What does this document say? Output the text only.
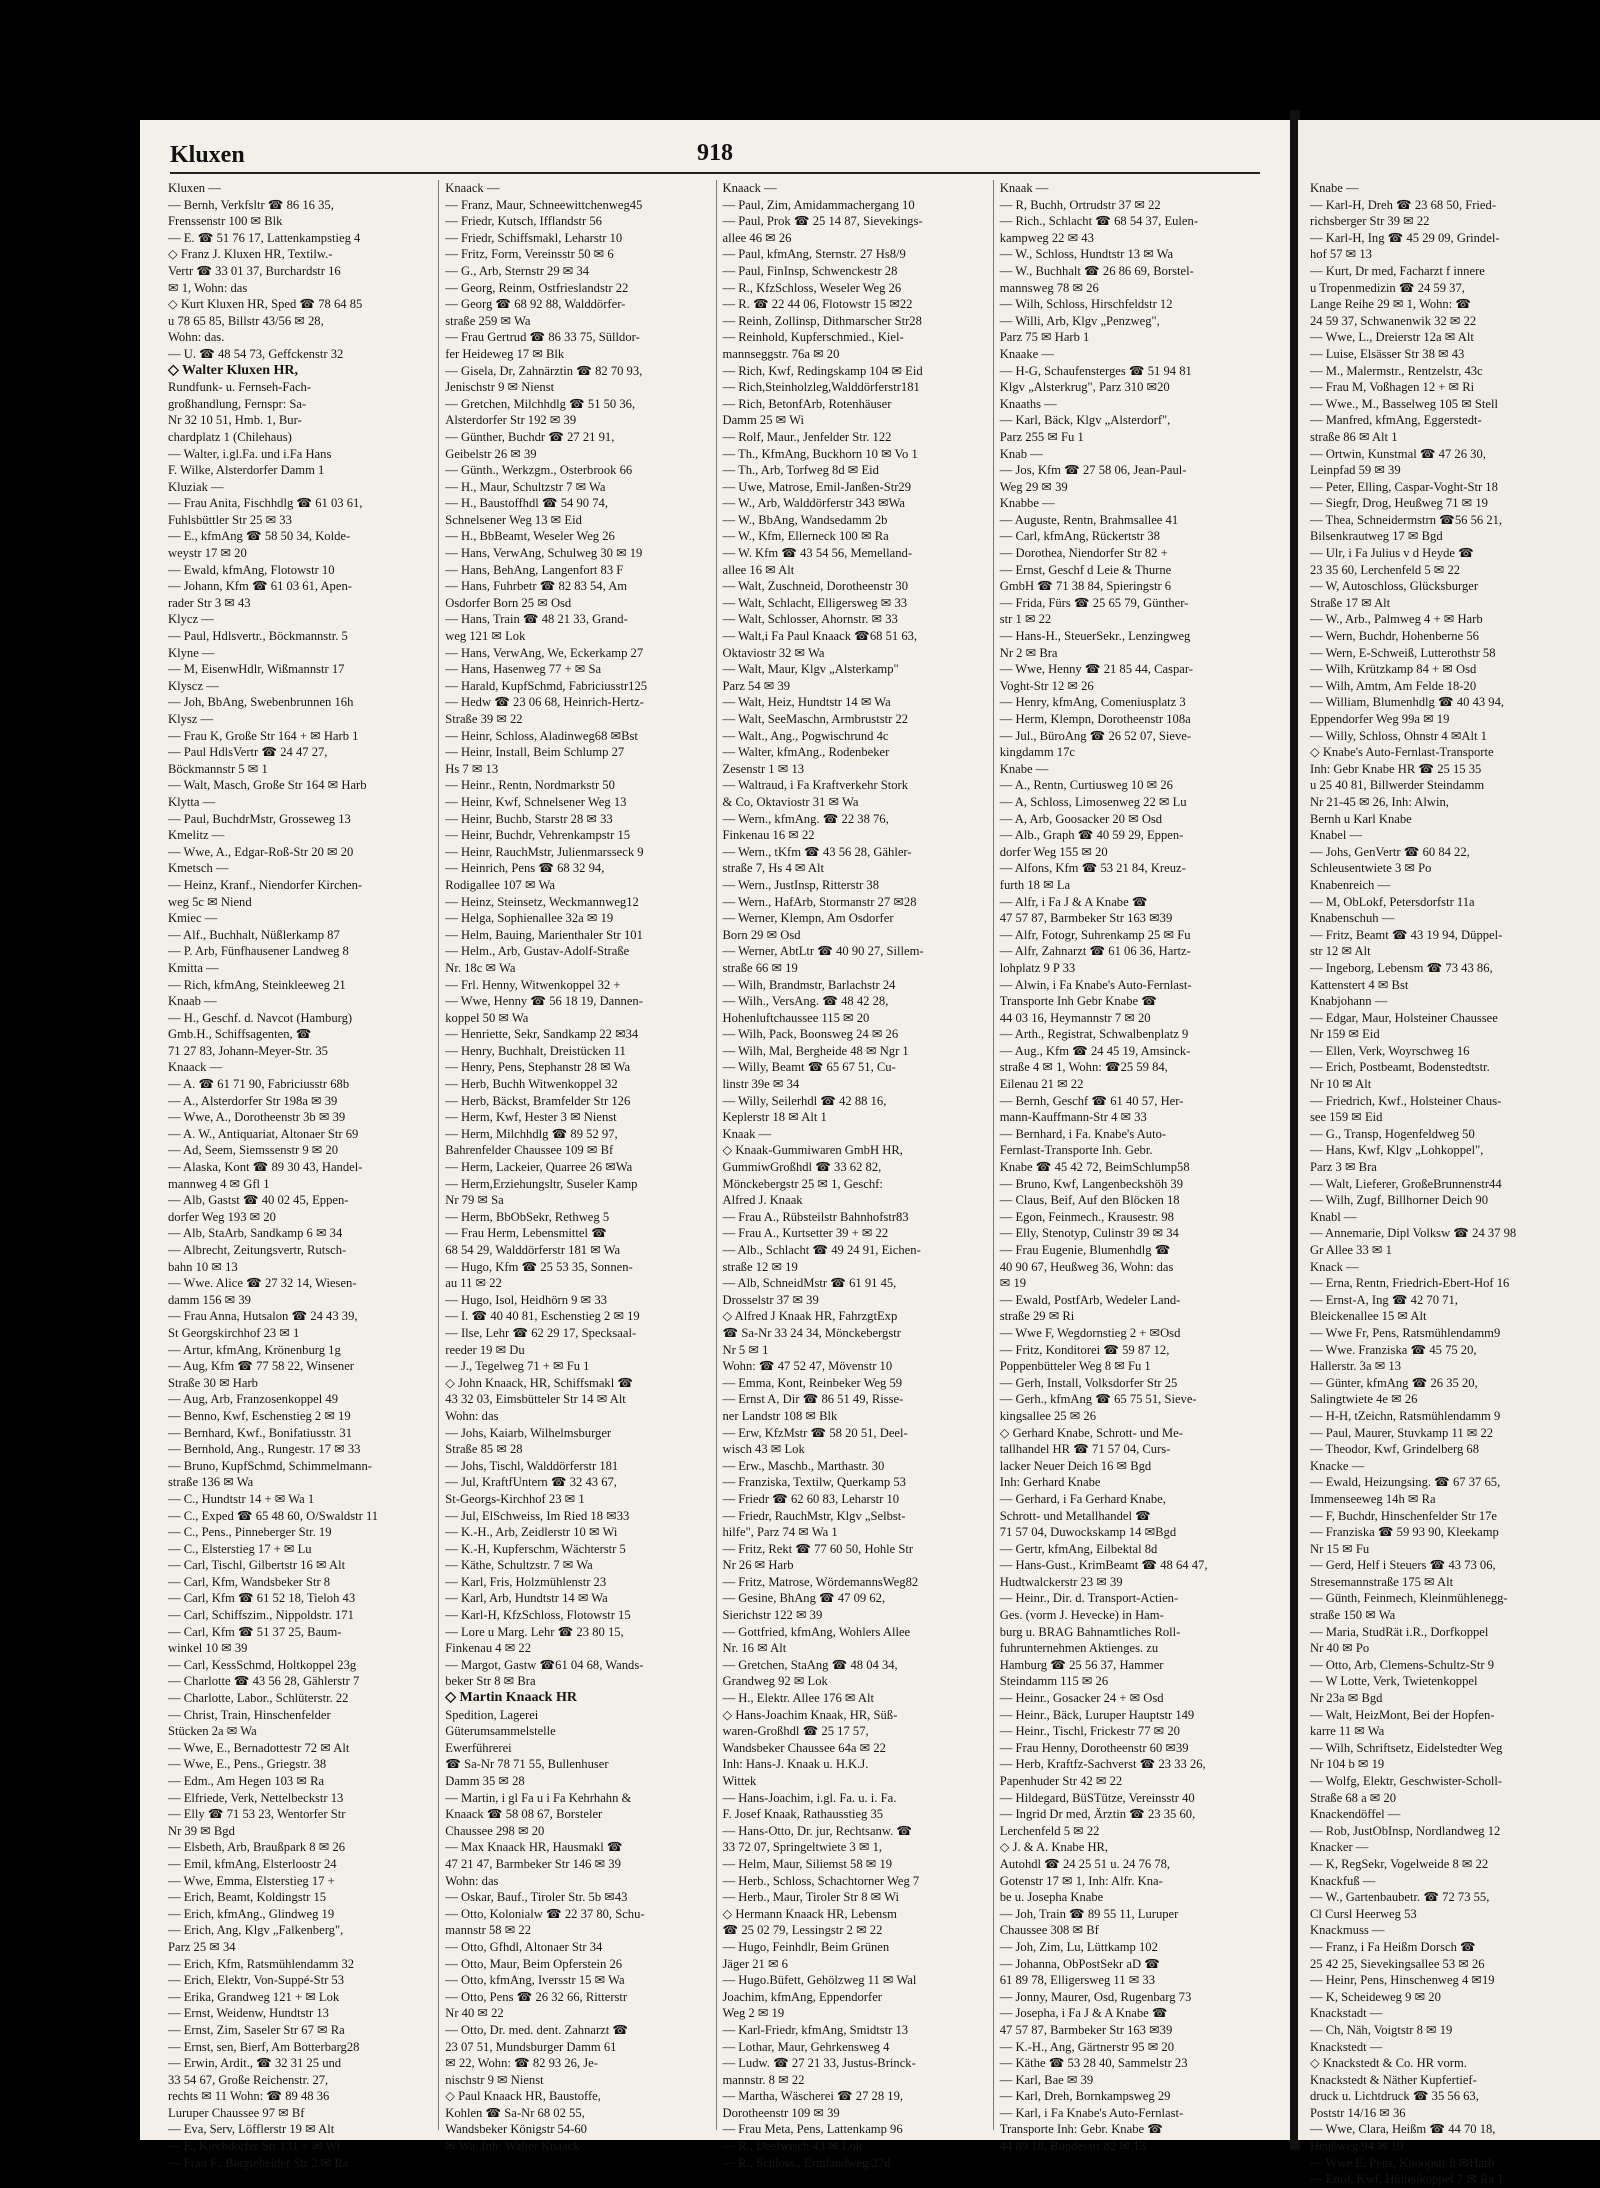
Kluxen	918
Kluxen —
— Bernh, Verkfsltr ☎ 86 16 35,
Frenssenstr 100 ✉ Blk
— E. ☎ 51 76 17, Lattenkampstieg 4
◇ Franz J. Kluxen HR, Textilw.-
Vertr ☎ 33 01 37, Burchardstr 16
✉ 1, Wohn: das
◇ Kurt Kluxen HR, Sped ☎ 78 64 85
u 78 65 85, Billstr 43/56 ✉ 28,
Wohn: das.
— U. ☎ 48 54 73, Geffckenstr 32
◇ Walter Kluxen HR,
Rundfunk- u. Fernseh-Fach-
großhandlung, Fernspr: Sa-
Nr 32 10 51, Hmb. 1, Bur-
chardplatz 1 (Chilehaus)
— Walter, i.gl.Fa. und i.Fa Hans
F. Wilke, Alsterdorfer Damm 1
Kluziak —
— Frau Anita, Fischhdlg ☎ 61 03 61,
Fuhlsbüttler Str 25 ✉ 33
— E., kfmAng ☎ 58 50 34, Kolde-
weystr 17 ✉ 20
— Ewald, kfmAng, Flotowstr 10
— Johann, Kfm ☎ 61 03 61, Apen-
rader Str 3 ✉ 43
Klycz —
— Paul, Hdlsvertr., Böckmannstr. 5
Klyne —
— M, EisenwHdlr, Wißmannstr 17
Klyscz —
— Joh, BbAng, Swebenbrunnen 16h
Klysz —
— Frau K, Große Str 164 + ✉ Harb 1
— Paul HdlsVertr ☎ 24 47 27,
Böckmannstr 5 ✉ 1
— Walt, Masch, Große Str 164 ✉ Harb
Klytta —
— Paul, BuchdrMstr, Grosseweg 13
Kmelitz —
— Wwe, A., Edgar-Roß-Str 20 ✉ 20
Kmetsch —
— Heinz, Kranf., Niendorfer Kirchen-
weg 5c ✉ Niend
Kmiec —
— Alf., Buchhalt, Nüßlerkamp 87
— P. Arb, Fünfhausener Landweg 8
Kmitta —
— Rich, kfmAng, Steinkleeweg 21
Knaab —
— H., Geschf. d. Navcot (Hamburg)
Gmb.H., Schiffsagenten, ☎
71 27 83, Johann-Meyer-Str. 35
Knaack —
— A. ☎ 61 71 90, Fabriciusstr 68b
— A., Alsterdorfer Str 198a ✉ 39
— Wwe, A., Dorotheenstr 3b ✉ 39
— A. W., Antiquariat, Altonaer Str 69
— Ad, Seem, Siemssenstr 9 ✉ 20
— Alaska, Kont ☎ 89 30 43, Handel-
mannweg 4 ✉ Gfl 1
— Alb, Gastst ☎ 40 02 45, Eppen-
dorfer Weg 193 ✉ 20
— Alb, StaArb, Sandkamp 6 ✉ 34
— Albrecht, Zeitungsvertr, Rutsch-
bahn 10 ✉ 13
— Wwe. Alice ☎ 27 32 14, Wiesen-
damm 156 ✉ 39
— Frau Anna, Hutsalon ☎ 24 43 39,
St Georgskirchhof 23 ✉ 1
— Artur, kfmAng, Krönenburg 1g
— Aug, Kfm ☎ 77 58 22, Winsener
Straße 30 ✉ Harb
— Aug, Arb, Franzosenkoppel 49
— Benno, Kwf, Eschenstieg 2 ✉ 19
— Bernhard, Kwf., Bonifatiusstr. 31
— Bernhold, Ang., Rungestr. 17 ✉ 33
— Bruno, KupfSchmd, Schimmelmann-
straße 136 ✉ Wa
— C., Hundtstr 14 + ✉ Wa 1
— C., Exped ☎ 65 48 60, O/Swaldstr 11
— C., Pens., Pinneberger Str. 19
— C., Elsterstieg 17 + ✉ Lu
— Carl, Tischl, Gilbertstr 16 ✉ Alt
— Carl, Kfm, Wandsbeker Str 8
— Carl, Kfm ☎ 61 52 18, Tieloh 43
— Carl, Schiffszim., Nippoldstr. 171
— Carl, Kfm ☎ 51 37 25, Baum-
winkel 10 ✉ 39
— Carl, KessSchmd, Holtkoppel 23g
— Charlotte ☎ 43 56 28, Gählerstr 7
— Charlotte, Labor., Schlüterstr. 22
— Christ, Train, Hinschenfelder
Stücken 2a ✉ Wa
— Wwe, E., Bernadottestr 72 ✉ Alt
— Wwe, E., Pens., Griegstr. 38
— Edm., Am Hegen 103 ✉ Ra
— Elfriede, Verk, Nettelbeckstr 13
— Elly ☎ 71 53 23, Wentorfer Str
Nr 39 ✉ Bgd
— Elsbeth, Arb, Braußpark 8 ✉ 26
— Emil, kfmAng, Elsterloostr 24
— Wwe, Emma, Elsterstieg 17 +
— Erich, Beamt, Koldingstr 15
— Erich, kfmAng., Glindweg 19
— Erich, Ang, Klgv „Falkenberg",
Parz 25 ✉ 34
— Erich, Kfm, Ratsmühlendamm 32
— Erich, Elektr, Von-Suppé-Str 53
— Erika, Grandweg 121 + ✉ Lok
— Ernst, Weidenw, Hundtstr 13
— Ernst, Zim, Saseler Str 67 ✉ Ra
— Ernst, sen, Bierf, Am Botterbarg28
— Erwin, Ardit., ☎ 32 31 25 und
33 54 67, Große Reichenstr. 27,
rechts ✉ 11 Wohn: ☎ 89 48 36
Luruper Chaussee 97 ✉ Bf
— Eva, Serv, Löfflerstr 19 ✉ Alt
— F., Kirchdorfer Str 131 + ✉ Wi
— Frau F., Bargteheider Str 2 ✉ Ra
Knaack —
— Franz, Maur, Schneewittchenweg45
— Friedr, Kutsch, Ifflandstr 56
— Friedr, Schiffsmakl, Leharstr 10
— Fritz, Form, Vereinsstr 50 ✉ 6
— G., Arb, Sternstr 29 ✉ 34
— Georg, Reinm, Ostfrieslandstr 22
— Georg ☎ 68 92 88, Walddörfer-
straße 259 ✉ Wa
— Frau Gertrud ☎ 86 33 75, Sülldor-
fer Heideweg 17 ✉ Blk
— Gisela, Dr, Zahnärztin ☎ 82 70 93,
Jenischstr 9 ✉ Nienst
— Gretchen, Milchhdlg ☎ 51 50 36,
Alsterdorfer Str 192 ✉ 39
— Günther, Buchdr ☎ 27 21 91,
Geibelstr 26 ✉ 39
— Günth., Werkzgm., Osterbrook 66
— H., Maur, Schultzstr 7 ✉ Wa
— H., Baustoffhdl ☎ 54 90 74,
Schnelsener Weg 13 ✉ Eid
— H., BbBeamt, Weseler Weg 26
— Hans, VerwAng, Schulweg 30 ✉ 19
— Hans, BehAng, Langenfort 83 F
— Hans, Fuhrbetr ☎ 82 83 54, Am
Osdorfer Born 25 ✉ Osd
— Hans, Train ☎ 48 21 33, Grand-
weg 121 ✉ Lok
— Hans, VerwAng, We, Eckerkamp 27
— Hans, Hasenweg 77 + ✉ Sa
— Harald, KupfSchmd, Fabriciusstr125
— Hedw ☎ 23 06 68, Heinrich-Hertz-
Straße 39 ✉ 22
— Heinr, Schloss, Aladinweg68 ✉Bst
— Heinr, Install, Beim Schlump 27
Hs 7 ✉ 13
— Heinr., Rentn, Nordmarkstr 50
— Heinr, Kwf, Schnelsener Weg 13
— Heinr, Buchb, Starstr 28 ✉ 33
— Heinr, Buchdr, Vehrenkampstr 15
— Heinr, RauchMstr, Julienmarsseck 9
— Heinrich, Pens ☎ 68 32 94,
Rodigallee 107 ✉ Wa
— Heinz, Steinsetz, Weckmannweg12
— Helga, Sophienallee 32a ✉ 19
— Helm, Bauing, Marienthaler Str 101
— Helm., Arb, Gustav-Adolf-Straße
Nr. 18c ✉ Wa
— Frl. Henny, Witwenkoppel 32 +
— Wwe, Henny ☎ 56 18 19, Dannen-
koppel 50 ✉ Wa
— Henriette, Sekr, Sandkamp 22 ✉34
— Henry, Buchhalt, Dreistücken 11
— Henry, Pens, Stephanstr 28 ✉ Wa
— Herb, Buchh Witwenkoppel 32
— Herb, Bäckst, Bramfelder Str 126
— Herm, Kwf, Hester 3 ✉ Nienst
— Herm, Milchhdlg ☎ 89 52 97,
Bahrenfelder Chaussee 109 ✉ Bf
— Herm, Lackeier, Quarree 26 ✉Wa
— Herm,Erziehungsltr, Suseler Kamp
Nr 79 ✉ Sa
— Herm, BbObSekr, Rethweg 5
— Frau Herm, Lebensmittel ☎
68 54 29, Walddörferstr 181 ✉ Wa
— Hugo, Kfm ☎ 25 53 35, Sonnen-
au 11 ✉ 22
— Hugo, Isol, Heidhörn 9 ✉ 33
— I. ☎ 40 40 81, Eschenstieg 2 ✉ 19
— Ilse, Lehr ☎ 62 29 17, Specksaal-
reeder 19 ✉ Du
— J., Tegelweg 71 + ✉ Fu 1
◇ John Knaack, HR, Schiffsmakl ☎
43 32 03, Eimsbütteler Str 14 ✉ Alt
Wohn: das
— Johs, Kaiarb, Wilhelmsburger
Straße 85 ✉ 28
— Johs, Tischl, Walddörferstr 181
— Jul, KraftfUntern ☎ 32 43 67,
St-Georgs-Kirchhof 23 ✉ 1
— Jul, ElSchweiss, Im Ried 18 ✉33
— K.-H., Arb, Zeidlerstr 10 ✉ Wi
— K.-H, Kupferschm, Wächterstr 5
— Käthe, Schultzstr. 7 ✉ Wa
— Karl, Fris, Holzmühlenstr 23
— Karl, Arb, Hundtstr 14 ✉ Wa
— Karl-H, KfzSchloss, Flotowstr 15
— Lore u Marg. Lehr ☎ 23 80 15,
Finkenau 4 ✉ 22
— Margot, Gastw ☎61 04 68, Wands-
beker Str 8 ✉ Bra
◇ Martin Knaack HR
Spedition, Lagerei
Güterumsammelstelle
Ewerführerei
☎ Sa-Nr 78 71 55, Bullenhuser
Damm 35 ✉ 28
— Martin, i gl Fa u i Fa Kehrhahn &
Knaack ☎ 58 08 67, Borsteler
Chaussee 298 ✉ 20
— Max Knaack HR, Hausmakl ☎
47 21 47, Barmbeker Str 146 ✉ 39
Wohn: das
— Oskar, Bauf., Tiroler Str. 5b ✉43
— Otto, Kolonialw ☎ 22 37 80, Schu-
mannstr 58 ✉ 22
— Otto, Gfhdl, Altonaer Str 34
— Otto, Maur, Beim Opferstein 26
— Otto, kfmAng, Iversstr 15 ✉ Wa
— Otto, Pens ☎ 26 32 66, Ritterstr
Nr 40 ✉ 22
— Otto, Dr. med. dent. Zahnarzt ☎
23 07 51, Mundsburger Damm 61
✉ 22, Wohn: ☎ 82 93 26, Je-
nischstr 9 ✉ Nienst
◇ Paul Knaack HR, Baustoffe,
Kohlen ☎ Sa-Nr 68 02 55,
Wandsbeker Königstr 54-60
✉ Wa, Inh: Walter Knaack
Knaack —
— Paul, Zim, Amidammachergang 10
— Paul, Prok ☎ 25 14 87, Sievekings-
allee 46 ✉ 26
— Paul, kfmAng, Sternstr. 27 Hs8/9
— Paul, FinInsp, Schwenckestr 28
— R., KfzSchloss, Weseler Weg 26
— R. ☎ 22 44 06, Flotowstr 15 ✉22
— Reinh, Zollinsp, Dithmarscher Str28
— Reinhold, Kupferschmied., Kiel-
mannseggstr. 76a ✉ 20
— Rich, Kwf, Redingskamp 104 ✉ Eid
— Rich,Steinholzleg,Walddörferstr181
— Rich, BetonfArb, Rotenhäuser
Damm 25 ✉ Wi
— Rolf, Maur., Jenfelder Str. 122
— Th., KfmAng, Buckhorn 10 ✉ Vo 1
— Th., Arb, Torfweg 8d ✉ Eid
— Uwe, Matrose, Emil-Janßen-Str29
— W., Arb, Walddörferstr 343 ✉Wa
— W., BbAng, Wandsedamm 2b
— W., Kfm, Ellerneck 100 ✉ Ra
— W. Kfm ☎ 43 54 56, Memelland-
allee 16 ✉ Alt
— Walt, Zuschneid, Dorotheenstr 30
— Walt, Schlacht, Elligersweg ✉ 33
— Walt, Schlosser, Ahornstr. ✉ 33
— Walt,i Fa Paul Knaack ☎68 51 63,
Oktaviostr 32 ✉ Wa
— Walt, Maur, Klgv „Alsterkamp"
Parz 54 ✉ 39
— Walt, Heiz, Hundtstr 14 ✉ Wa
— Walt, SeeMaschn, Armbruststr 22
— Walt., Ang., Pogwischrund 4c
— Walter, kfmAng., Rodenbeker
Zesenstr 1 ✉ 13
— Waltraud, i Fa Kraftverkehr Stork
& Co, Oktaviostr 31 ✉ Wa
— Wern., kfmAng. ☎ 22 38 76,
Finkenau 16 ✉ 22
— Wern., tKfm ☎ 43 56 28, Gähler-
straße 7, Hs 4 ✉ Alt
— Wern., JustInsp, Ritterstr 38
— Wern., HafArb, Stormanstr 27 ✉28
— Werner, Klempn, Am Osdorfer
Born 29 ✉ Osd
— Werner, AbtLtr ☎ 40 90 27, Sillem-
straße 66 ✉ 19
— Wilh, Brandmstr, Barlachstr 24
— Wilh., VersAng. ☎ 48 42 28,
Hohenluftchaussee 115 ✉ 20
— Wilh, Pack, Boonsweg 24 ✉ 26
— Wilh, Mal, Bergheide 48 ✉ Ngr 1
— Willy, Beamt ☎ 65 67 51, Cu-
linstr 39e ✉ 34
— Willy, Seilerhdl ☎ 42 88 16,
Keplerstr 18 ✉ Alt 1
Knaak —
◇ Knaak-Gummiwaren GmbH HR,
GummiwGroßhdl ☎ 33 62 82,
Mönckebergstr 25 ✉ 1, Geschf:
Alfred J. Knaak
— Frau A., Rübsteilstr Bahnhofstr83
— Frau A., Kurtsetter 39 + ✉ 22
— Alb., Schlacht ☎ 49 24 91, Eichen-
straße 12 ✉ 19
— Alb, SchneidMstr ☎ 61 91 45,
Drosselstr 37 ✉ 39
◇ Alfred J Knaak HR, FahrzgtExp
☎ Sa-Nr 33 24 34, Mönckebergstr
Nr 5 ✉ 1
Wohn: ☎ 47 52 47, Mövenstr 10
— Emma, Kont, Reinbeker Weg 59
— Ernst A, Dir ☎ 86 51 49, Risse-
ner Landstr 108 ✉ Blk
— Erw, KfzMstr ☎ 58 20 51, Deel-
wisch 43 ✉ Lok
— Erw., Maschb., Marthastr. 30
— Franziska, Textilw, Querkamp 53
— Friedr ☎ 62 60 83, Leharstr 10
— Friedr, RauchMstr, Klgv „Selbst-
hilfe", Parz 74 ✉ Wa 1
— Fritz, Rekt ☎ 77 60 50, Hohle Str
Nr 26 ✉ Harb
— Fritz, Matrose, WördemannsWeg82
— Gesine, BhAng ☎ 47 09 62,
Sierichstr 122 ✉ 39
— Gottfried, kfmAng, Wohlers Allee
Nr. 16 ✉ Alt
— Gretchen, StaAng ☎ 48 04 34,
Grandweg 92 ✉ Lok
— H., Elektr. Allee 176 ✉ Alt
◇ Hans-Joachim Knaak, HR, Süß-
waren-Großhdl ☎ 25 17 57,
Wandsbeker Chaussee 64a ✉ 22
Inh: Hans-J. Knaak u. H.K.J.
Wittek
— Hans-Joachim, i.gl. Fa. u. i. Fa.
F. Josef Knaak, Rathausstieg 35
— Hans-Otto, Dr. jur, Rechtsanw. ☎
33 72 07, Springeltwiete 3 ✉ 1,
— Helm, Maur, Siliemst 58 ✉ 19
— Herb., Schloss, Schachtorner Weg 7
— Herb., Maur, Tiroler Str 8 ✉ Wi
◇ Hermann Knaack HR, Lebensm
☎ 25 02 79, Lessingstr 2 ✉ 22
— Hugo, Feinhdlr, Beim Grünen
Jäger 21 ✉ 6
— Hugo.Büfett, Gehölzweg 11 ✉ Wal
Joachim, kfmAng, Eppendorfer
Weg 2 ✉ 19
— Karl-Friedr, kfmAng, Smidtstr 13
— Lothar, Maur, Gehrkensweg 4
— Ludw. ☎ 27 21 33, Justus-Brinck-
mannstr. 8 ✉ 22
— Martha, Wäscherei ☎ 27 28 19,
Dorotheenstr 109 ✉ 39
— Frau Meta, Pens, Lattenkamp 96
— R., Deelwisch 43 ✉ Lok
— R., Schloss., Ermlandweg 27d
Knaak —
— R, Buchh, Ortrudstr 37 ✉ 22
— Rich., Schlacht ☎ 68 54 37, Eulen-
kampweg 22 ✉ 43
— W., Schloss, Hundtstr 13 ✉ Wa
— W., Buchhalt ☎ 26 86 69, Borstel-
mannsweg 78 ✉ 26
— Wilh, Schloss, Hirschfeldstr 12
— Willi, Arb, Klgv „Penzweg",
Parz 75 ✉ Harb 1
Knaake —
— H-G, Schaufensterges ☎ 51 94 81
Klgv „Alsterkrug", Parz 310 ✉20
Knaaths —
— Karl, Bäck, Klgv „Alsterdorf",
Parz 255 ✉ Fu 1
Knab —
— Jos, Kfm ☎ 27 58 06, Jean-Paul-
Weg 29 ✉ 39
Knabbe —
— Auguste, Rentn, Brahmsallee 41
— Carl, kfmAng, Rückertstr 38
— Dorothea, Niendorfer Str 82 +
— Ernst, Geschf d Leie & Thurne
GmbH ☎ 71 38 84, Spieringstr 6
— Frida, Fürs ☎ 25 65 79, Günther-
str 1 ✉ 22
— Hans-H., SteuerSekr., Lenzingweg
Nr 2 ✉ Bra
— Wwe, Henny ☎ 21 85 44, Caspar-
Voght-Str 12 ✉ 26
— Henry, kfmAng, Comeniusplatz 3
— Herm, Klempn, Dorotheenstr 108a
— Jul., BüroAng ☎ 26 52 07, Sieve-
kingdamm 17c
Knabe —
— A., Rentn, Curtiusweg 10 ✉ 26
— A, Schloss, Limosenweg 22 ✉ Lu
— A, Arb, Goosacker 20 ✉ Osd
— Alb., Graph ☎ 40 59 29, Eppen-
dorfer Weg 155 ✉ 20
— Alfons, Kfm ☎ 53 21 84, Kreuz-
furth 18 ✉ La
— Alfr, i Fa J & A Knabe ☎
47 57 87, Barmbeker Str 163 ✉39
— Alfr, Fotogr, Suhrenkamp 25 ✉ Fu
— Alfr, Zahnarzt ☎ 61 06 36, Hartz-
lohplatz 9 P 33
— Alwin, i Fa Knabe's Auto-Fernlast-
Transporte Inh Gebr Knabe ☎
44 03 16, Heymannstr 7 ✉ 20
— Arth., Registrat, Schwalbenplatz 9
— Aug., Kfm ☎ 24 45 19, Amsinck-
straße 4 ✉ 1, Wohn: ☎25 59 84,
Eilenau 21 ✉ 22
— Bernh, Geschf ☎ 61 40 57, Her-
mann-Kauffmann-Str 4 ✉ 33
— Bernhard, i Fa. Knabe's Auto-
Fernlast-Transporte Inh. Gebr.
Knabe ☎ 45 42 72, BeimSchlump58
— Bruno, Kwf, Langenbeckshöh 39
— Claus, Beif, Auf den Blöcken 18
— Egon, Feinmech., Krausestr. 98
— Elly, Stenotyp, Culinstr 39 ✉ 34
— Frau Eugenie, Blumenhdlg ☎
40 90 67, Heußweg 36, Wohn: das
✉ 19
— Ewald, PostfArb, Wedeler Land-
straße 29 ✉ Ri
— Wwe F, Wegdornstieg 2 + ✉Osd
— Fritz, Konditorei ☎ 59 87 12,
Poppenbütteler Weg 8 ✉ Fu 1
— Gerh, Install, Volksdorfer Str 25
— Gerh., kfmAng ☎ 65 75 51, Sieve-
kingsallee 25 ✉ 26
◇ Gerhard Knabe, Schrott- und Me-
tallhandel HR ☎ 71 57 04, Curs-
lacker Neuer Deich 16 ✉ Bgd
Inh: Gerhard Knabe
— Gerhard, i Fa Gerhard Knabe,
Schrott- und Metallhandel ☎
71 57 04, Duwockskamp 14 ✉Bgd
— Gertr, kfmAng, Eilbektal 8d
— Hans-Gust., KrimBeamt ☎ 48 64 47,
Hudtwalckerstr 23 ✉ 39
— Heinr., Dir. d. Transport-Actien-
Ges. (vorm J. Hevecke) in Ham-
burg u. BRAG Bahnamtliches Roll-
fuhrunternehmen Aktienges. zu
Hamburg ☎ 25 56 37, Hammer
Steindamm 115 ✉ 26
— Heinr., Gosacker 24 + ✉ Osd
— Heinr., Bäck, Luruper Hauptstr 149
— Heinr., Tischl, Frickestr 77 ✉ 20
— Frau Henny, Dorotheenstr 60 ✉39
— Herb, Kraftfz-Sachverst ☎ 23 33 26,
Papenhuder Str 42 ✉ 22
— Hildegard, BüSTütze, Vereinsstr 40
— Ingrid Dr med, Ärztin ☎ 23 35 60,
Lerchenfeld 5 ✉ 22
◇ J. & A. Knabe HR,
Autohdl ☎ 24 25 51 u. 24 76 78,
Gotenstr 17 ✉ 1, Inh: Alfr. Kna-
be u. Josepha Knabe
— Joh, Train ☎ 89 55 11, Luruper
Chaussee 308 ✉ Bf
— Joh, Zim, Lu, Lüttkamp 102
— Johanna, ObPostSekr aD ☎
61 89 78, Elligersweg 11 ✉ 33
— Jonny, Maurer, Osd, Rugenbarg 73
— Josepha, i Fa J & A Knabe ☎
47 57 87, Barmbeker Str 163 ✉39
— K.-H., Ang, Gärtnerstr 95 ✉ 20
— Käthe ☎ 53 28 40, Sammelstr 23
— Karl, Bae ✉ 39
— Karl, Dreh, Bornkampsweg 29
— Karl, i Fa Knabe's Auto-Fernlast-
Transporte Inh: Gebr. Knabe ☎
44 89 18, Bundesstr 82 ✉ 13
Knabe —
— Karl-H, Dreh ☎ 23 68 50, Fried-
richsberger Str 39 ✉ 22
— Karl-H, Ing ☎ 45 29 09, Grindel-
hof 57 ✉ 13
— Kurt, Dr med, Facharzt f innere
u Tropenmedizin ☎ 24 59 37,
Lange Reihe 29 ✉ 1, Wohn: ☎
24 59 37, Schwanenwik 32 ✉ 22
— Wwe, L., Dreierstr 12a ✉ Alt
— Luise, Elsässer Str 38 ✉ 43
— M., Malermstr., Rentzelstr, 43c
— Frau M, Voßhagen 12 + ✉ Ri
— Wwe., M., Basselweg 105 ✉ Stell
— Manfred, kfmAng, Eggerstedt-
straße 86 ✉ Alt 1
— Ortwin, Kunstmal ☎ 47 26 30,
Leinpfad 59 ✉ 39
— Peter, Elling, Caspar-Voght-Str 18
— Siegfr, Drog, Heußweg 71 ✉ 19
— Thea, Schneidermstrn ☎56 56 21,
Bilsenkrautweg 17 ✉ Bgd
— Ulr, i Fa Julius v d Heyde ☎
23 35 60, Lerchenfeld 5 ✉ 22
— W, Autoschloss, Glücksburger
Straße 17 ✉ Alt
— W., Arb., Palmweg 4 + ✉ Harb
— Wern, Buchdr, Hohenberne 56
— Wern, E-Schweiß, Lutterothstr 58
— Wilh, Krützkamp 84 + ✉ Osd
— Wilh, Amtm, Am Felde 18-20
— William, Blumenhdlg ☎ 40 43 94,
Eppendorfer Weg 99a ✉ 19
— Willy, Schloss, Ohnstr 4 ✉Alt 1
◇ Knabe's Auto-Fernlast-Transporte
Inh: Gebr Knabe HR ☎ 25 15 35
u 25 40 81, Billwerder Steindamm
Nr 21-45 ✉ 26, Inh: Alwin,
Bernh u Karl Knabe
Knabel —
— Johs, GenVertr ☎ 60 84 22,
Schleusentwiete 3 ✉ Po
Knabenreich —
— M, ObLokf, Petersdorfstr 11a
Knabenschuh —
— Fritz, Beamt ☎ 43 19 94, Düppel-
str 12 ✉ Alt
— Ingeborg, Lebensm ☎ 73 43 86,
Kattenstert 4 ✉ Bst
Knabjohann —
— Edgar, Maur, Holsteiner Chaussee
Nr 159 ✉ Eid
— Ellen, Verk, Woyrschweg 16
— Erich, Postbeamt, Bodenstedtstr.
Nr 10 ✉ Alt
— Friedrich, Kwf., Holsteiner Chaus-
see 159 ✉ Eid
— G., Transp, Hogenfeldweg 50
— Hans, Kwf, Klgv „Lohkoppel",
Parz 3 ✉ Bra
— Walt, Lieferer, GroßeBrunnenstr44
— Wilh, Zugf, Billhorner Deich 90
Knabl —
— Annemarie, Dipl Volksw ☎ 24 37 98
Gr Allee 33 ✉ 1
Knack —
— Erna, Rentn, Friedrich-Ebert-Hof 16
— Ernst-A, Ing ☎ 42 70 71,
Bleickenallee 15 ✉ Alt
— Wwe Fr, Pens, Ratsmühlendamm9
— Wwe. Franziska ☎ 45 75 20,
Hallerstr. 3a ✉ 13
— Günter, kfmAng ☎ 26 35 20,
Salingtwiete 4e ✉ 26
— H-H, tZeichn, Ratsmühlendamm 9
— Paul, Maurer, Stuvkamp 11 ✉ 22
— Theodor, Kwf, Grindelberg 68
Knacke —
— Ewald, Heizungsing. ☎ 67 37 65,
Immenseeweg 14h ✉ Ra
— F, Buchdr, Hinschenfelder Str 17e
— Franziska ☎ 59 93 90, Kleekamp
Nr 15 ✉ Fu
— Gerd, Helf i Steuers ☎ 43 73 06,
Stresemannstraße 175 ✉ Alt
— Günth, Feinmech, Kleinmühlenegg-
straße 150 ✉ Wa
— Maria, StudRät i.R., Dorfkoppel
Nr 40 ✉ Po
— Otto, Arb, Clemens-Schultz-Str 9
— W Lotte, Verk, Twietenkoppel
Nr 23a ✉ Bgd
— Walt, HeizMont, Bei der Hopfen-
karre 11 ✉ Wa
— Wilh, Schriftsetz, Eidelstedter Weg
Nr 104 b ✉ 19
— Wolfg, Elektr, Geschwister-Scholl-
Straße 68 a ✉ 20
Knackendöffel —
— Rob, JustObInsp, Nordlandweg 12
Knacker —
— K, RegSekr, Vogelweide 8 ✉ 22
Knackfuß —
— W., Gartenbaubetr. ☎ 72 73 55,
Cl Cursl Heerweg 53
Knackmuss —
— Franz, i Fa Heißm Dorsch ☎
25 42 25, Sievekingsallee 53 ✉ 26
— Heinr, Pens, Hinschenweg 4 ✉19
— K, Scheideweg 9 ✉ 20
Knackstadt —
— Ch, Näh, Voigtstr 8 ✉ 19
Knackstedt —
◇ Knackstedt & Co. HR vorm.
Knackstedt & Näther Kupfertief-
druck u. Lichtdruck ☎ 35 56 63,
Poststr 14/16 ✉ 36
— Wwe, Clara, Heißm ☎ 44 70 18,
Heußweg 94 ✉ 19
— Wwe E, Pens, Knoopstr 8 ✉Harb
— Emil, Kwf, Hüllenkoppel 7 ✉ Ra 1
